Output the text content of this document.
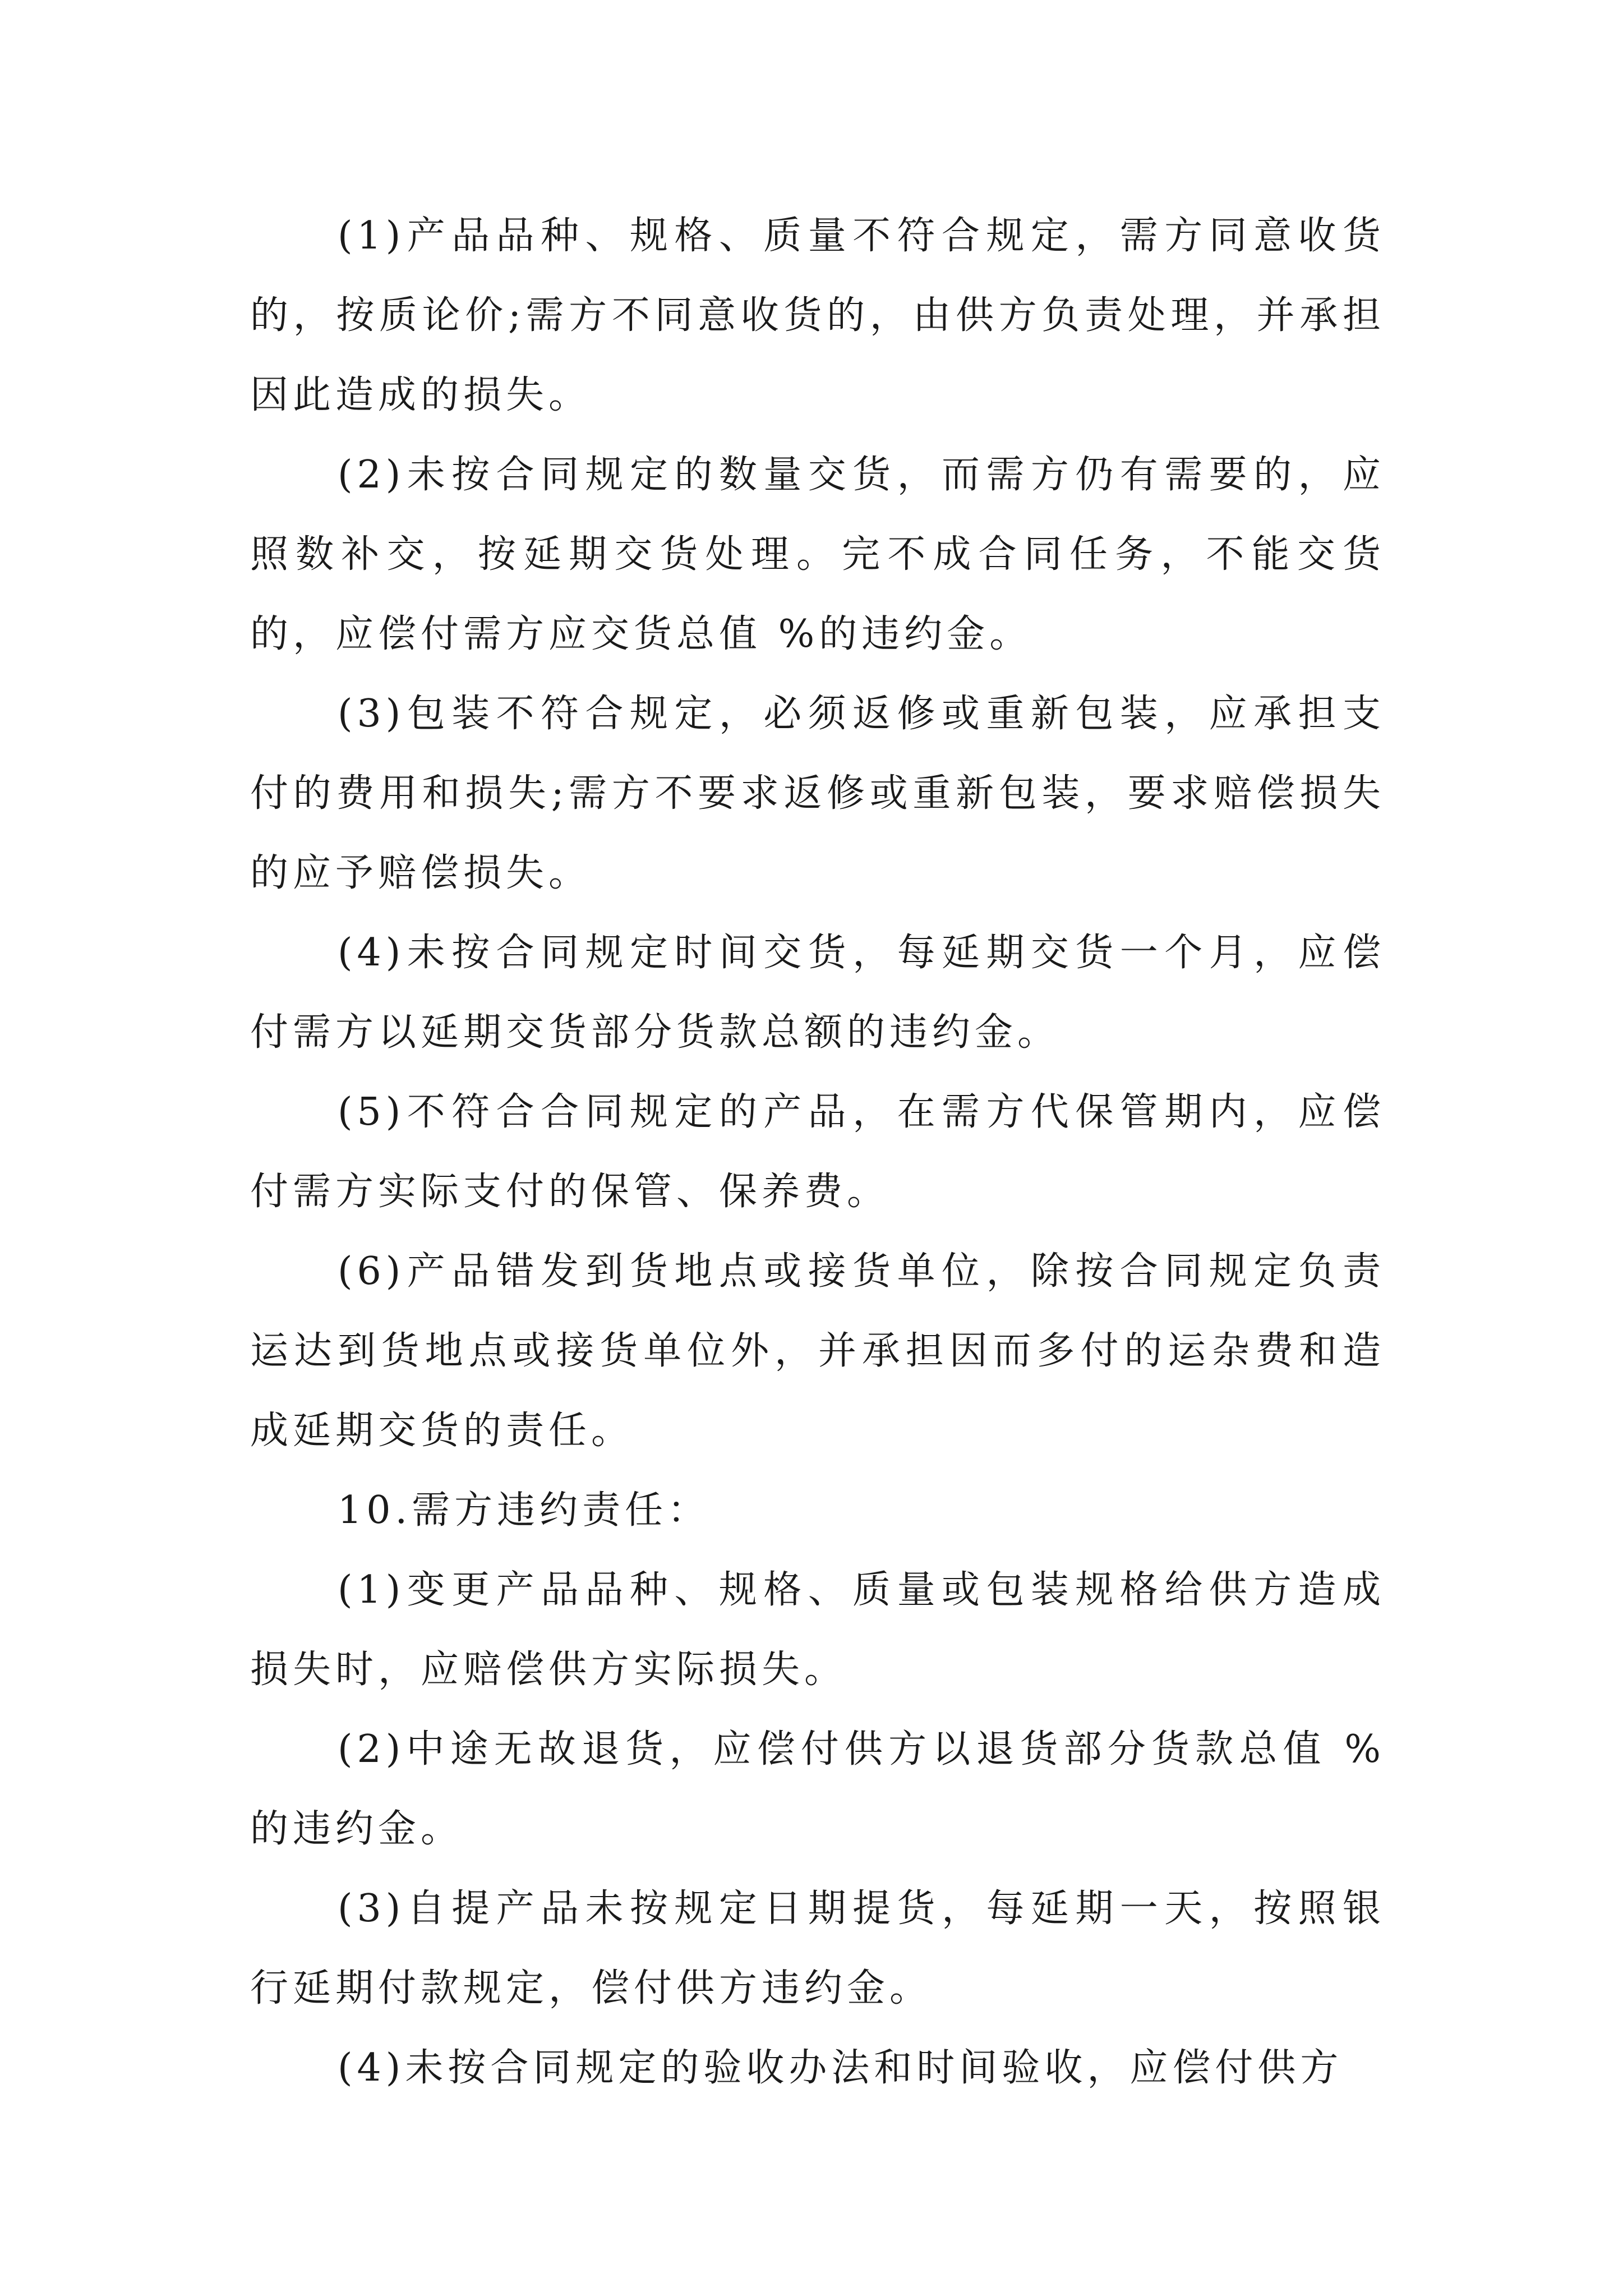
(1)产品品种、规格、质量不符合规定，需方同意收货的，按质论价;需方不同意收货的，由供方负责处理，并承担因此造成的损失。

(2)未按合同规定的数量交货，而需方仍有需要的，应照数补交，按延期交货处理。完不成合同任务，不能交货的，应偿付需方应交货总值 %的违约金。

(3)包装不符合规定，必须返修或重新包装，应承担支付的费用和损失;需方不要求返修或重新包装，要求赔偿损失的应予赔偿损失。

(4)未按合同规定时间交货，每延期交货一个月，应偿付需方以延期交货部分货款总额的违约金。

(5)不符合合同规定的产品，在需方代保管期内，应偿付需方实际支付的保管、保养费。

(6)产品错发到货地点或接货单位，除按合同规定负责运达到货地点或接货单位外，并承担因而多付的运杂费和造成延期交货的责任。

10.需方违约责任：

(1)变更产品品种、规格、质量或包装规格给供方造成损失时，应赔偿供方实际损失。

(2)中途无故退货，应偿付供方以退货部分货款总值 %的违约金。

(3)自提产品未按规定日期提货，每延期一天，按照银行延期付款规定，偿付供方违约金。

(4)未按合同规定的验收办法和时间验收，应偿付供方
